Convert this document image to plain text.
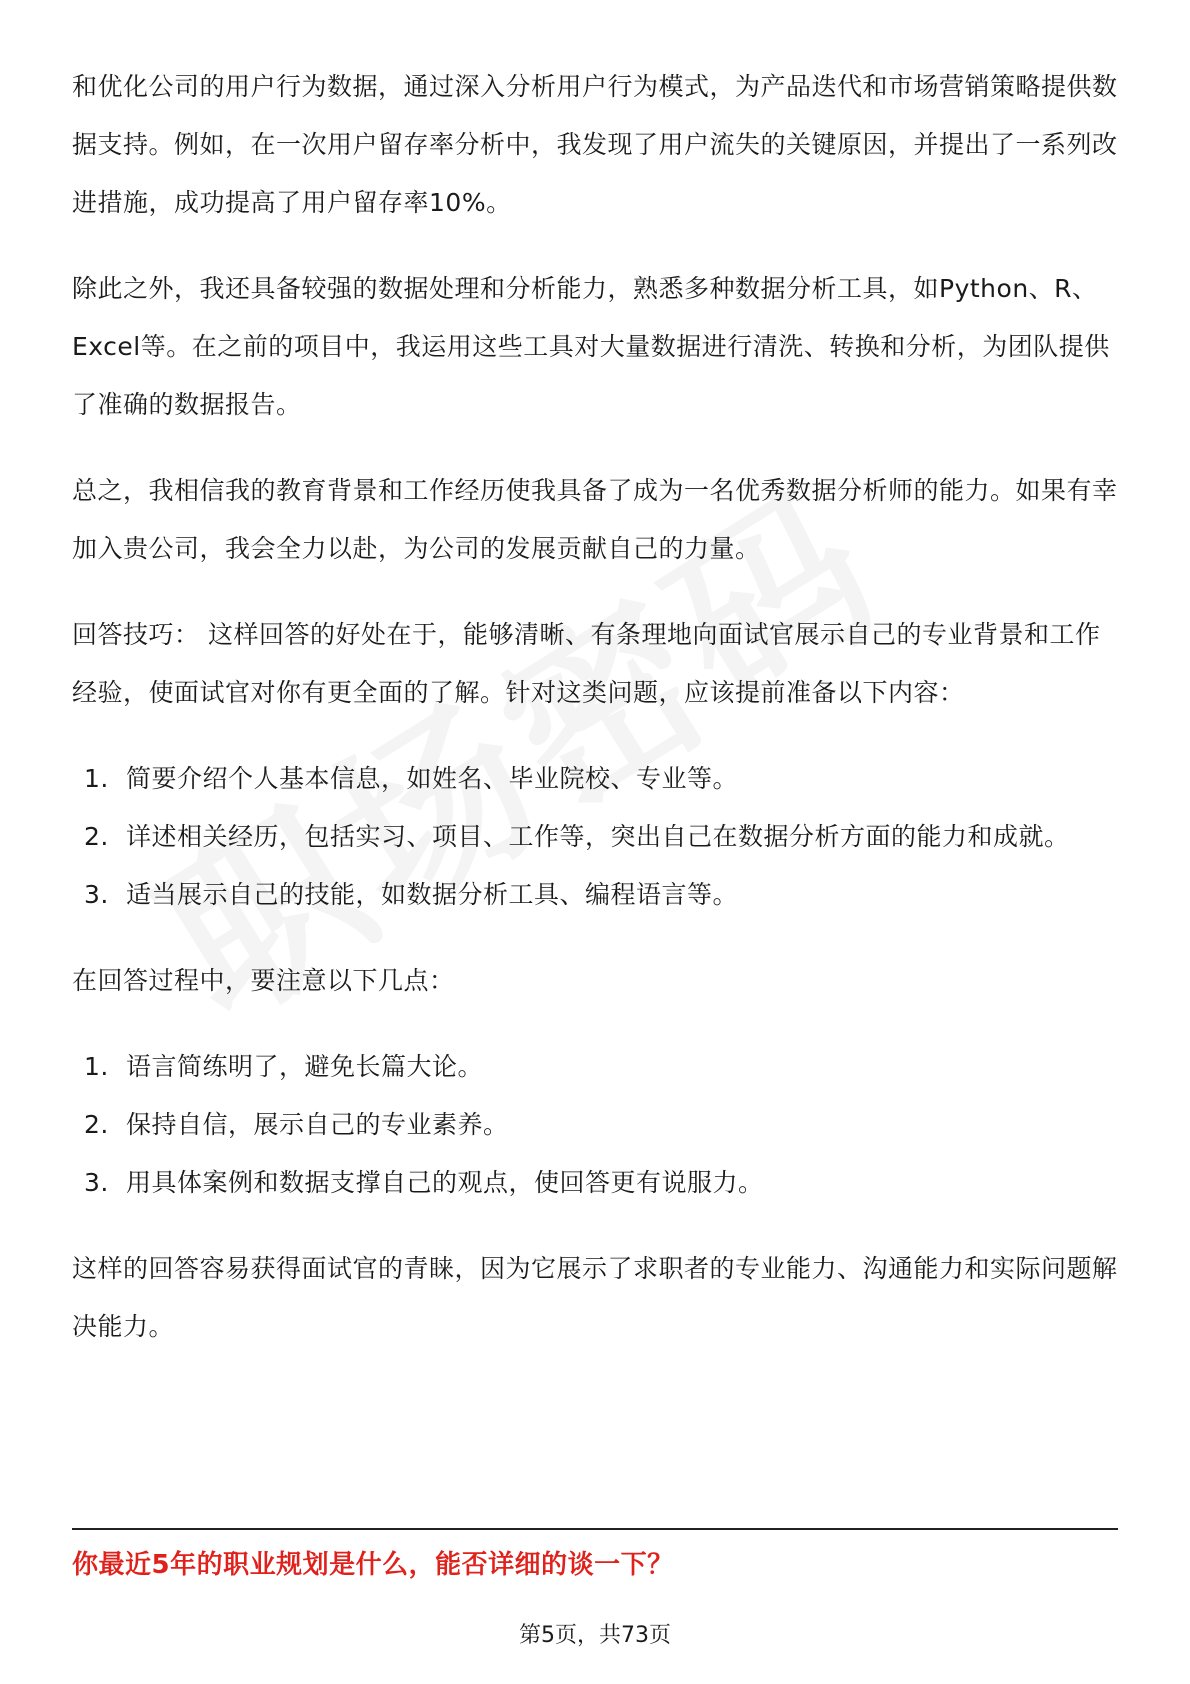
和优化公司的用户行为数据，通过深入分析用户行为模式，为产品迭代和市场营销策略提供数据支持。例如，在一次用户留存率分析中，我发现了用户流失的关键原因，并提出了一系列改进措施，成功提高了用户留存率10%。

除此之外，我还具备较强的数据处理和分析能力，熟悉多种数据分析工具，如Python、R、Excel等。在之前的项目中，我运用这些工具对大量数据进行清洗、转换和分析，为团队提供了准确的数据报告。

总之，我相信我的教育背景和工作经历使我具备了成为一名优秀数据分析师的能力。如果有幸加入贵公司，我会全力以赴，为公司的发展贡献自己的力量。

回答技巧： 这样回答的好处在于，能够清晰、有条理地向面试官展示自己的专业背景和工作经验，使面试官对你有更全面的了解。针对这类问题，应该提前准备以下内容：

1. 简要介绍个人基本信息，如姓名、毕业院校、专业等。
2. 详述相关经历，包括实习、项目、工作等，突出自己在数据分析方面的能力和成就。
3. 适当展示自己的技能，如数据分析工具、编程语言等。

在回答过程中，要注意以下几点：

1. 语言简练明了，避免长篇大论。
2. 保持自信，展示自己的专业素养。
3. 用具体案例和数据支撑自己的观点，使回答更有说服力。

这样的回答容易获得面试官的青睐，因为它展示了求职者的专业能力、沟通能力和实际问题解决能力。

你最近5年的职业规划是什么，能否详细的谈一下？
第5页，共73页
